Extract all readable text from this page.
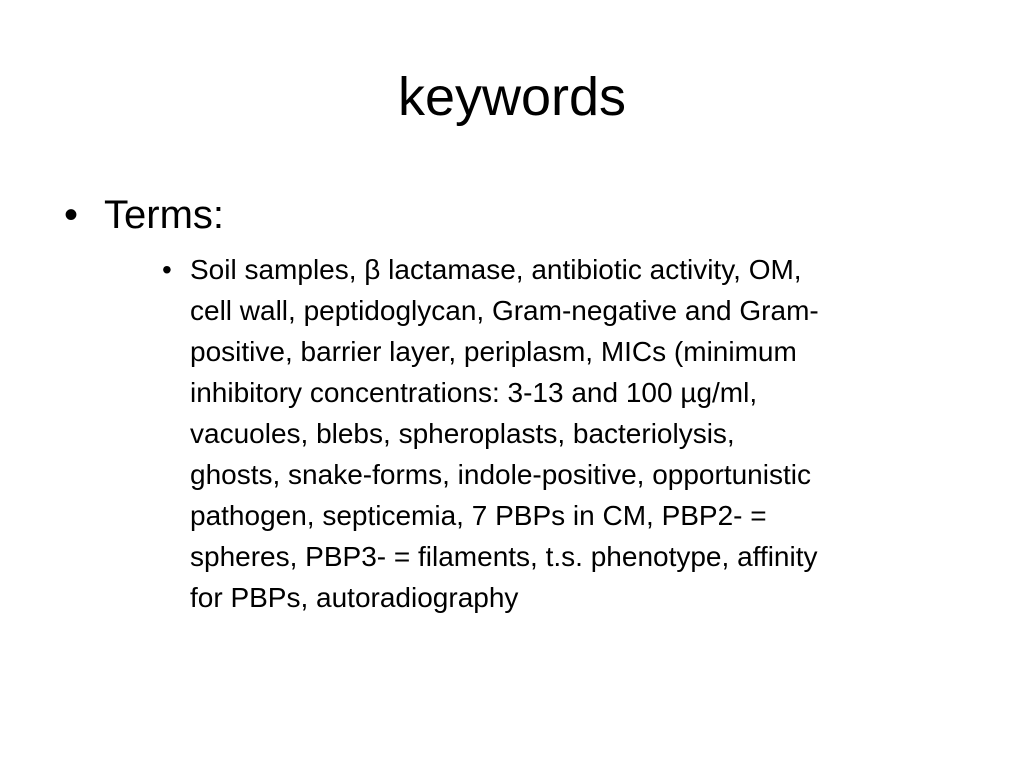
keywords
• Terms:
• Soil samples, β lactamase, antibiotic activity, OM,
cell wall, peptidoglycan, Gram-negative and Gram-
positive, barrier layer, periplasm, MICs (minimum
inhibitory concentrations: 3-13 and 100 µg/ml,
vacuoles, blebs, spheroplasts, bacteriolysis,
ghosts, snake-forms, indole-positive, opportunistic
pathogen, septicemia, 7 PBPs in CM, PBP2- =
spheres, PBP3- = filaments, t.s. phenotype, affinity
for PBPs, autoradiography
